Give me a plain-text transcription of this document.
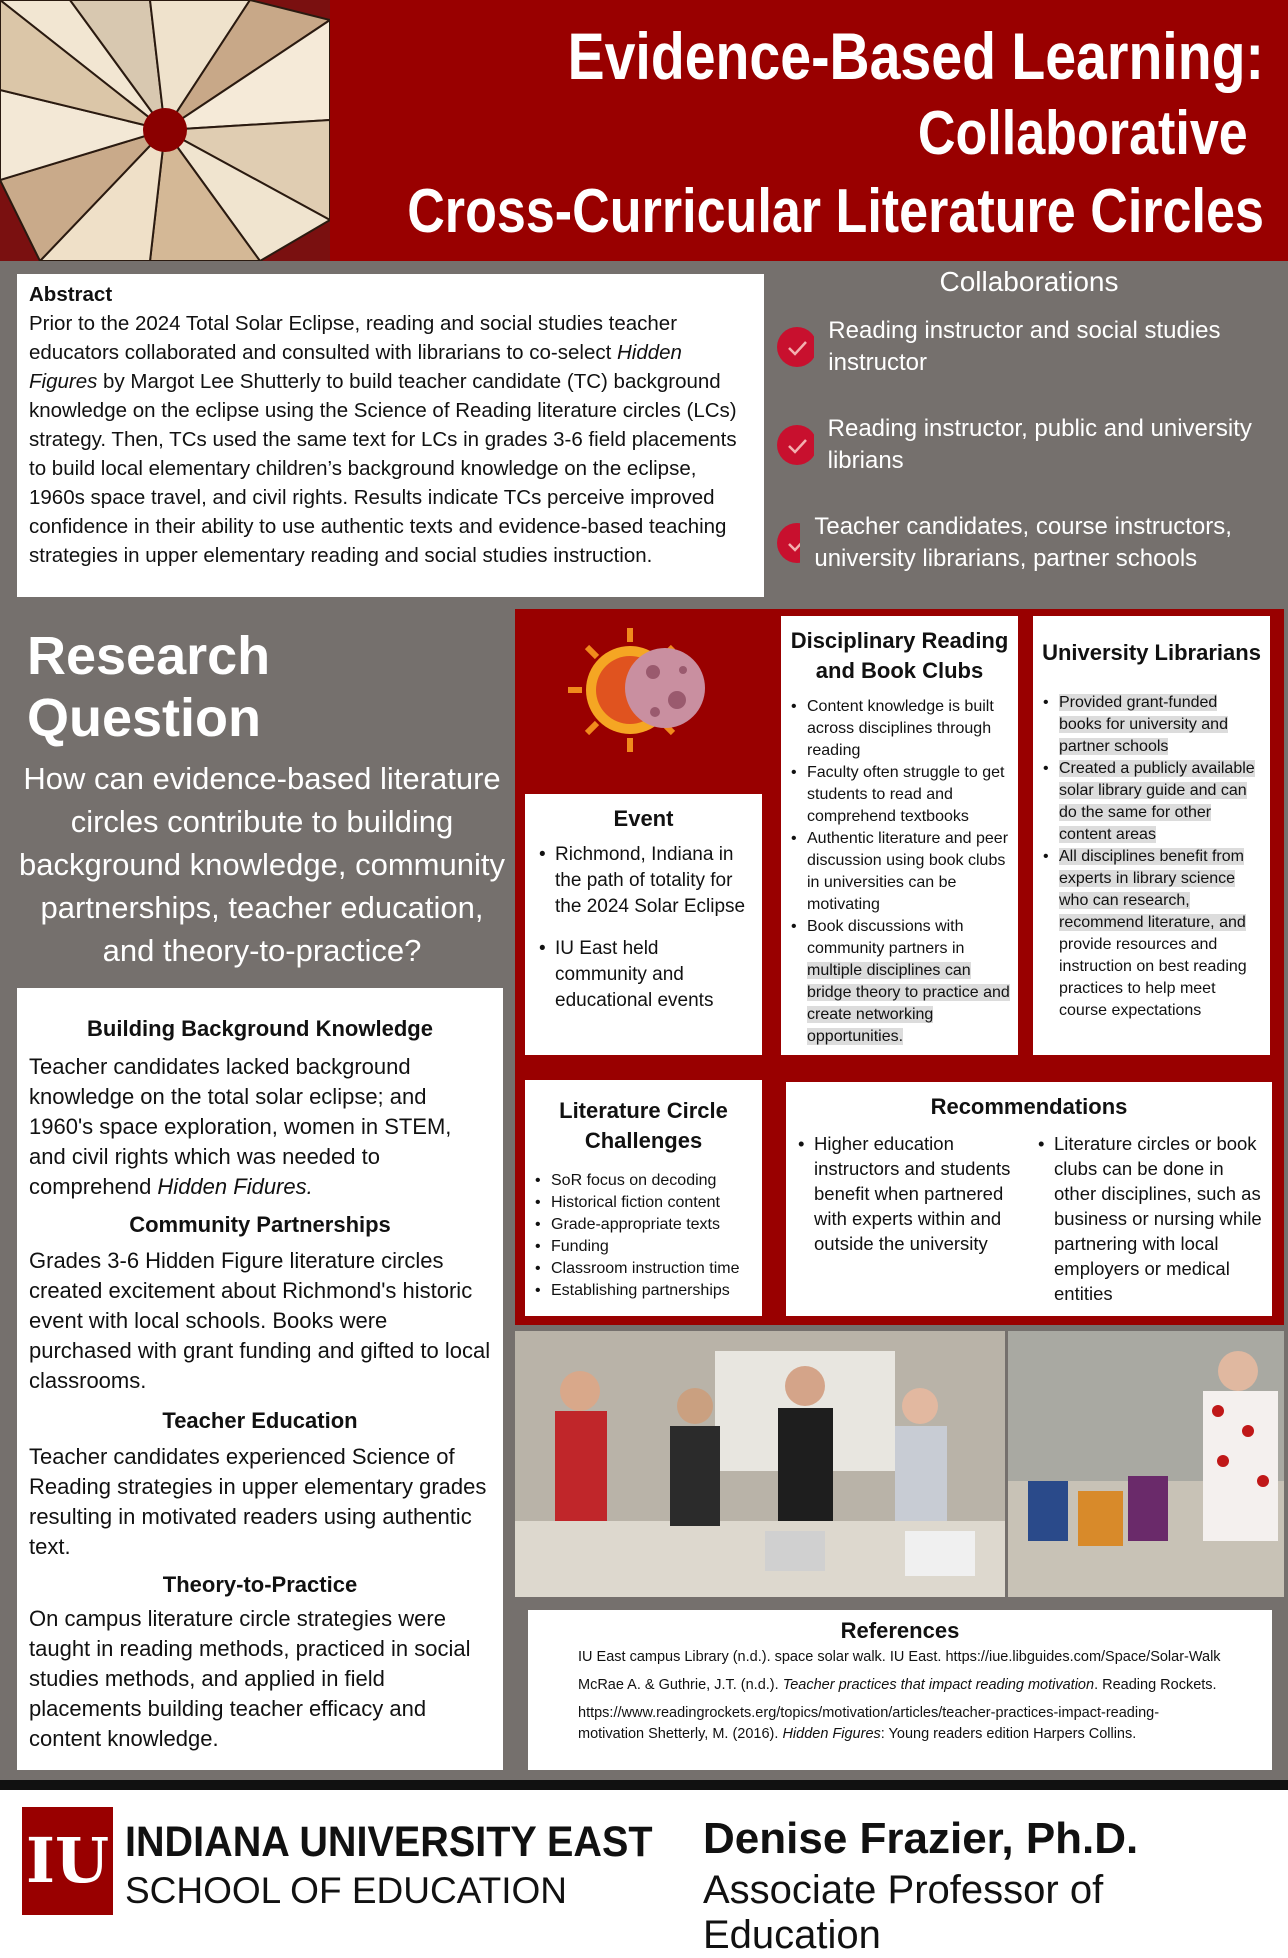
Evidence-Based Learning:
Collaborative
Cross-Curricular Literature Circles
Abstract
Prior to the 2024 Total Solar Eclipse, reading and social studies teacher educators collaborated and consulted with librarians to co-select Hidden Figures by Margot Lee Shutterly to build teacher candidate (TC) background knowledge on the eclipse using the Science of Reading literature circles (LCs) strategy. Then, TCs used the same text for LCs in grades 3-6 field placements to build local elementary children’s background knowledge on the eclipse, 1960s space travel, and civil rights. Results indicate TCs perceive improved confidence in their ability to use authentic texts and evidence-based teaching strategies in upper elementary reading and social studies instruction.
Collaborations
Reading instructor and social studies instructor
Reading instructor, public and university librians
Teacher candidates, course instructors, university librarians, partner schools
Research Question
How can evidence-based literature circles contribute to building background knowledge, community partnerships, teacher education, and theory-to-practice?
Building Background Knowledge

Teacher candidates lacked background knowledge on the total solar eclipse; and 1960's space exploration, women in STEM, and civil rights which was needed to comprehend Hidden Fidures.

Community Partnerships

Grades 3-6 Hidden Figure literature circles created excitement about Richmond's historic event with local schools. Books were purchased with grant funding and gifted to local classrooms.

Teacher Education

Teacher candidates experienced Science of Reading strategies in upper elementary grades resulting in motivated readers using authentic text.

Theory-to-Practice

On campus literature circle strategies were taught in reading methods, practiced in social studies methods, and applied in field placements building teacher efficacy and content knowledge.

Event
• Richmond, Indiana in the path of totality for the 2024 Solar Eclipse
• IU East held community and educational events
Disciplinary Reading and Book Clubs
• Content knowledge is built across disciplines through reading
• Faculty often struggle to get students to read and comprehend textbooks
• Authentic literature and peer discussion using book clubs in universities can be motivating
• Book discussions with community partners in multiple disciplines can bridge theory to practice and create networking opportunities.
University Librarians
• Provided grant-funded books for university and partner schools
• Created a publicly available solar library guide and can do the same for other content areas
• All disciplines benefit from experts in library science who can research, recommend literature, and provide resources and instruction on best reading practices to help meet course expectations
Literature Circle Challenges
• SoR focus on decoding
• Historical fiction content
• Grade-appropriate texts
• Funding
• Classroom instruction time
• Establishing partnerships
Recommendations
• Higher education instructors and students benefit when partnered with experts within and outside the university
• Literature circles or book clubs can be done in other disciplines, such as business or nursing while partnering with local employers or medical entities
References

IU East campus Library (n.d.). space solar walk. IU East. https://iue.libguides.com/Space/Solar-Walk

McRae A. & Guthrie, J.T. (n.d.). Teacher practices that impact reading motivation. Reading Rockets.

https://www.readingrockets.erg/topics/motivation/articles/teacher-practices-impact-reading-motivation Shetterly, M. (2016). Hidden Figures: Young readers edition Harpers Collins.

IU INDIANA UNIVERSITY EAST
SCHOOL OF EDUCATION
Denise Frazier, Ph.D.
Associate Professor of Education
